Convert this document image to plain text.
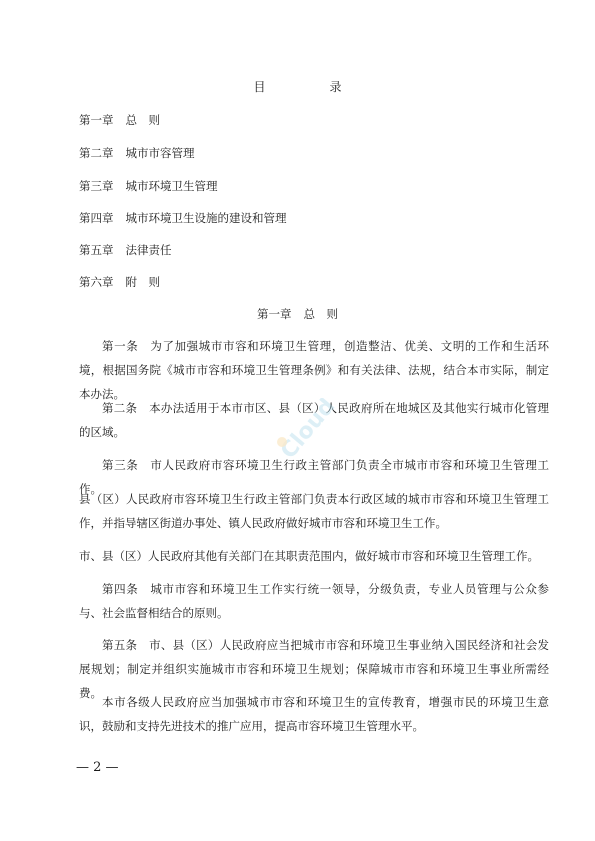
目　录
第一章 总　则
第二章 城市市容管理
第三章 城市环境卫生管理
第四章 城市环境卫生设施的建设和管理
第五章 法律责任
第六章 附　则
第一章 总　则
第一条　为了加强城市市容和环境卫生管理，创造整洁、优美、文明的工作和生活环境，根据国务院《城市市容和环境卫生管理条例》和有关法律、法规，结合本市实际，制定本办法。
第二条　本办法适用于本市市区、县（区）人民政府所在地城区及其他实行城市化管理的区域。
第三条　市人民政府市容环境卫生行政主管部门负责全市城市市容和环境卫生管理工作。
县（区）人民政府市容环境卫生行政主管部门负责本行政区域的城市市容和环境卫生管理工作，并指导辖区街道办事处、镇人民政府做好城市市容和环境卫生工作。
市、县（区）人民政府其他有关部门在其职责范围内，做好城市市容和环境卫生管理工作。
第四条　城市市容和环境卫生工作实行统一领导，分级负责，专业人员管理与公众参与、社会监督相结合的原则。
第五条　市、县（区）人民政府应当把城市市容和环境卫生事业纳入国民经济和社会发展规划；制定并组织实施城市市容和环境卫生规划；保障城市市容和环境卫生事业所需经费。
本市各级人民政府应当加强城市市容和环境卫生的宣传教育，增强市民的环境卫生意识，鼓励和支持先进技术的推广应用，提高市容环境卫生管理水平。
Cloud
— 2 —
